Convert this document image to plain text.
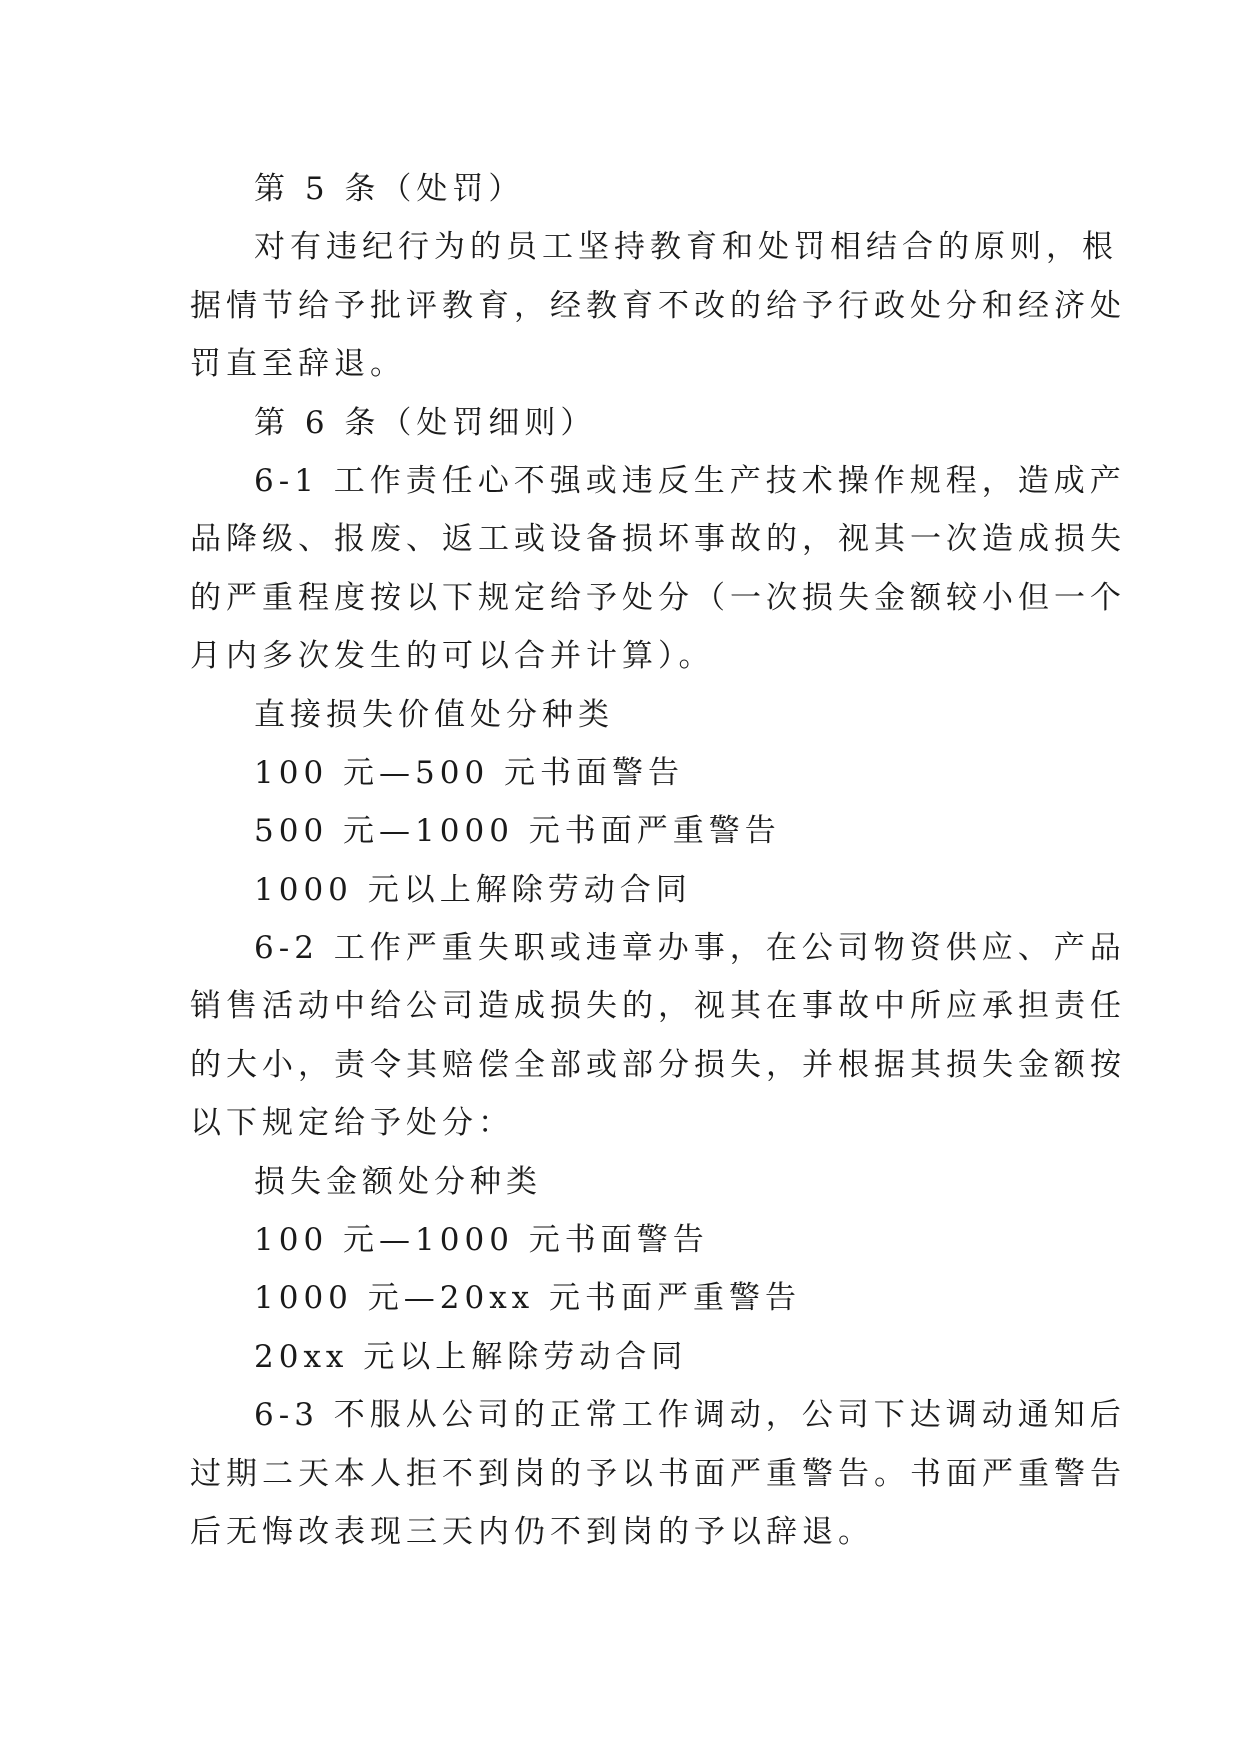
第 5 条（处罚）
对有违纪行为的员工坚持教育和处罚相结合的原则，根
据情节给予批评教育，经教育不改的给予行政处分和经济处
罚直至辞退。
第 6 条（处罚细则）
6-1 工作责任心不强或违反生产技术操作规程，造成产
品降级、报废、返工或设备损坏事故的，视其一次造成损失
的严重程度按以下规定给予处分（一次损失金额较小但一个
月内多次发生的可以合并计算）。
直接损失价值处分种类
100 元—500 元书面警告
500 元—1000 元书面严重警告
1000 元以上解除劳动合同
6-2 工作严重失职或违章办事，在公司物资供应、产品
销售活动中给公司造成损失的，视其在事故中所应承担责任
的大小，责令其赔偿全部或部分损失，并根据其损失金额按
以下规定给予处分：
损失金额处分种类
100 元—1000 元书面警告
1000 元—20xx 元书面严重警告
20xx 元以上解除劳动合同
6-3 不服从公司的正常工作调动，公司下达调动通知后
过期二天本人拒不到岗的予以书面严重警告。书面严重警告
后无悔改表现三天内仍不到岗的予以辞退。
